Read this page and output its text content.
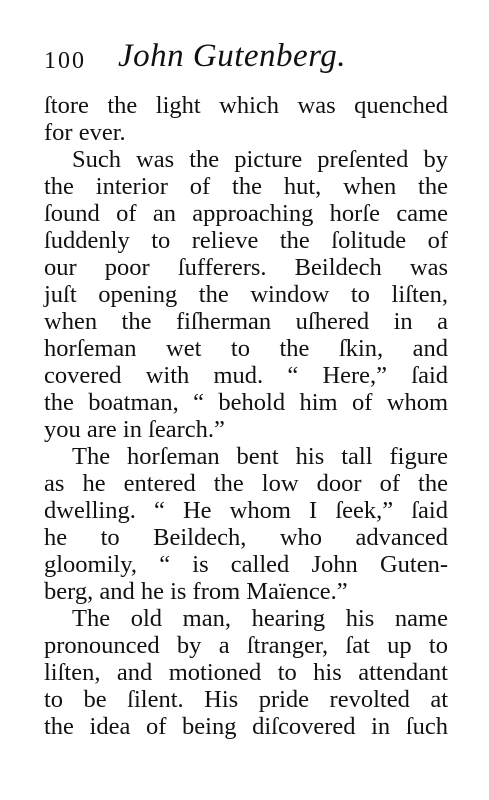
100 John Gutenberg.
ſtore the light which was quenched
for ever.
Such was the picture preſented by
the interior of the hut, when the
ſound of an approaching horſe came
ſuddenly to relieve the ſolitude of
our poor ſufferers. Beildech was
juſt opening the window to liſten,
when the fiſherman uſhered in a
horſeman wet to the ſkin, and
covered with mud. “ Here,” ſaid
the boatman, “ behold him of whom
you are in ſearch.”
The horſeman bent his tall figure
as he entered the low door of the
dwelling. “ He whom I ſeek,” ſaid
he to Beildech, who advanced
gloomily, “ is called John Guten-
berg, and he is from Maïence.”
The old man, hearing his name
pronounced by a ſtranger, ſat up to
liſten, and motioned to his attendant
to be ſilent. His pride revolted at
the idea of being diſcovered in ſuch
